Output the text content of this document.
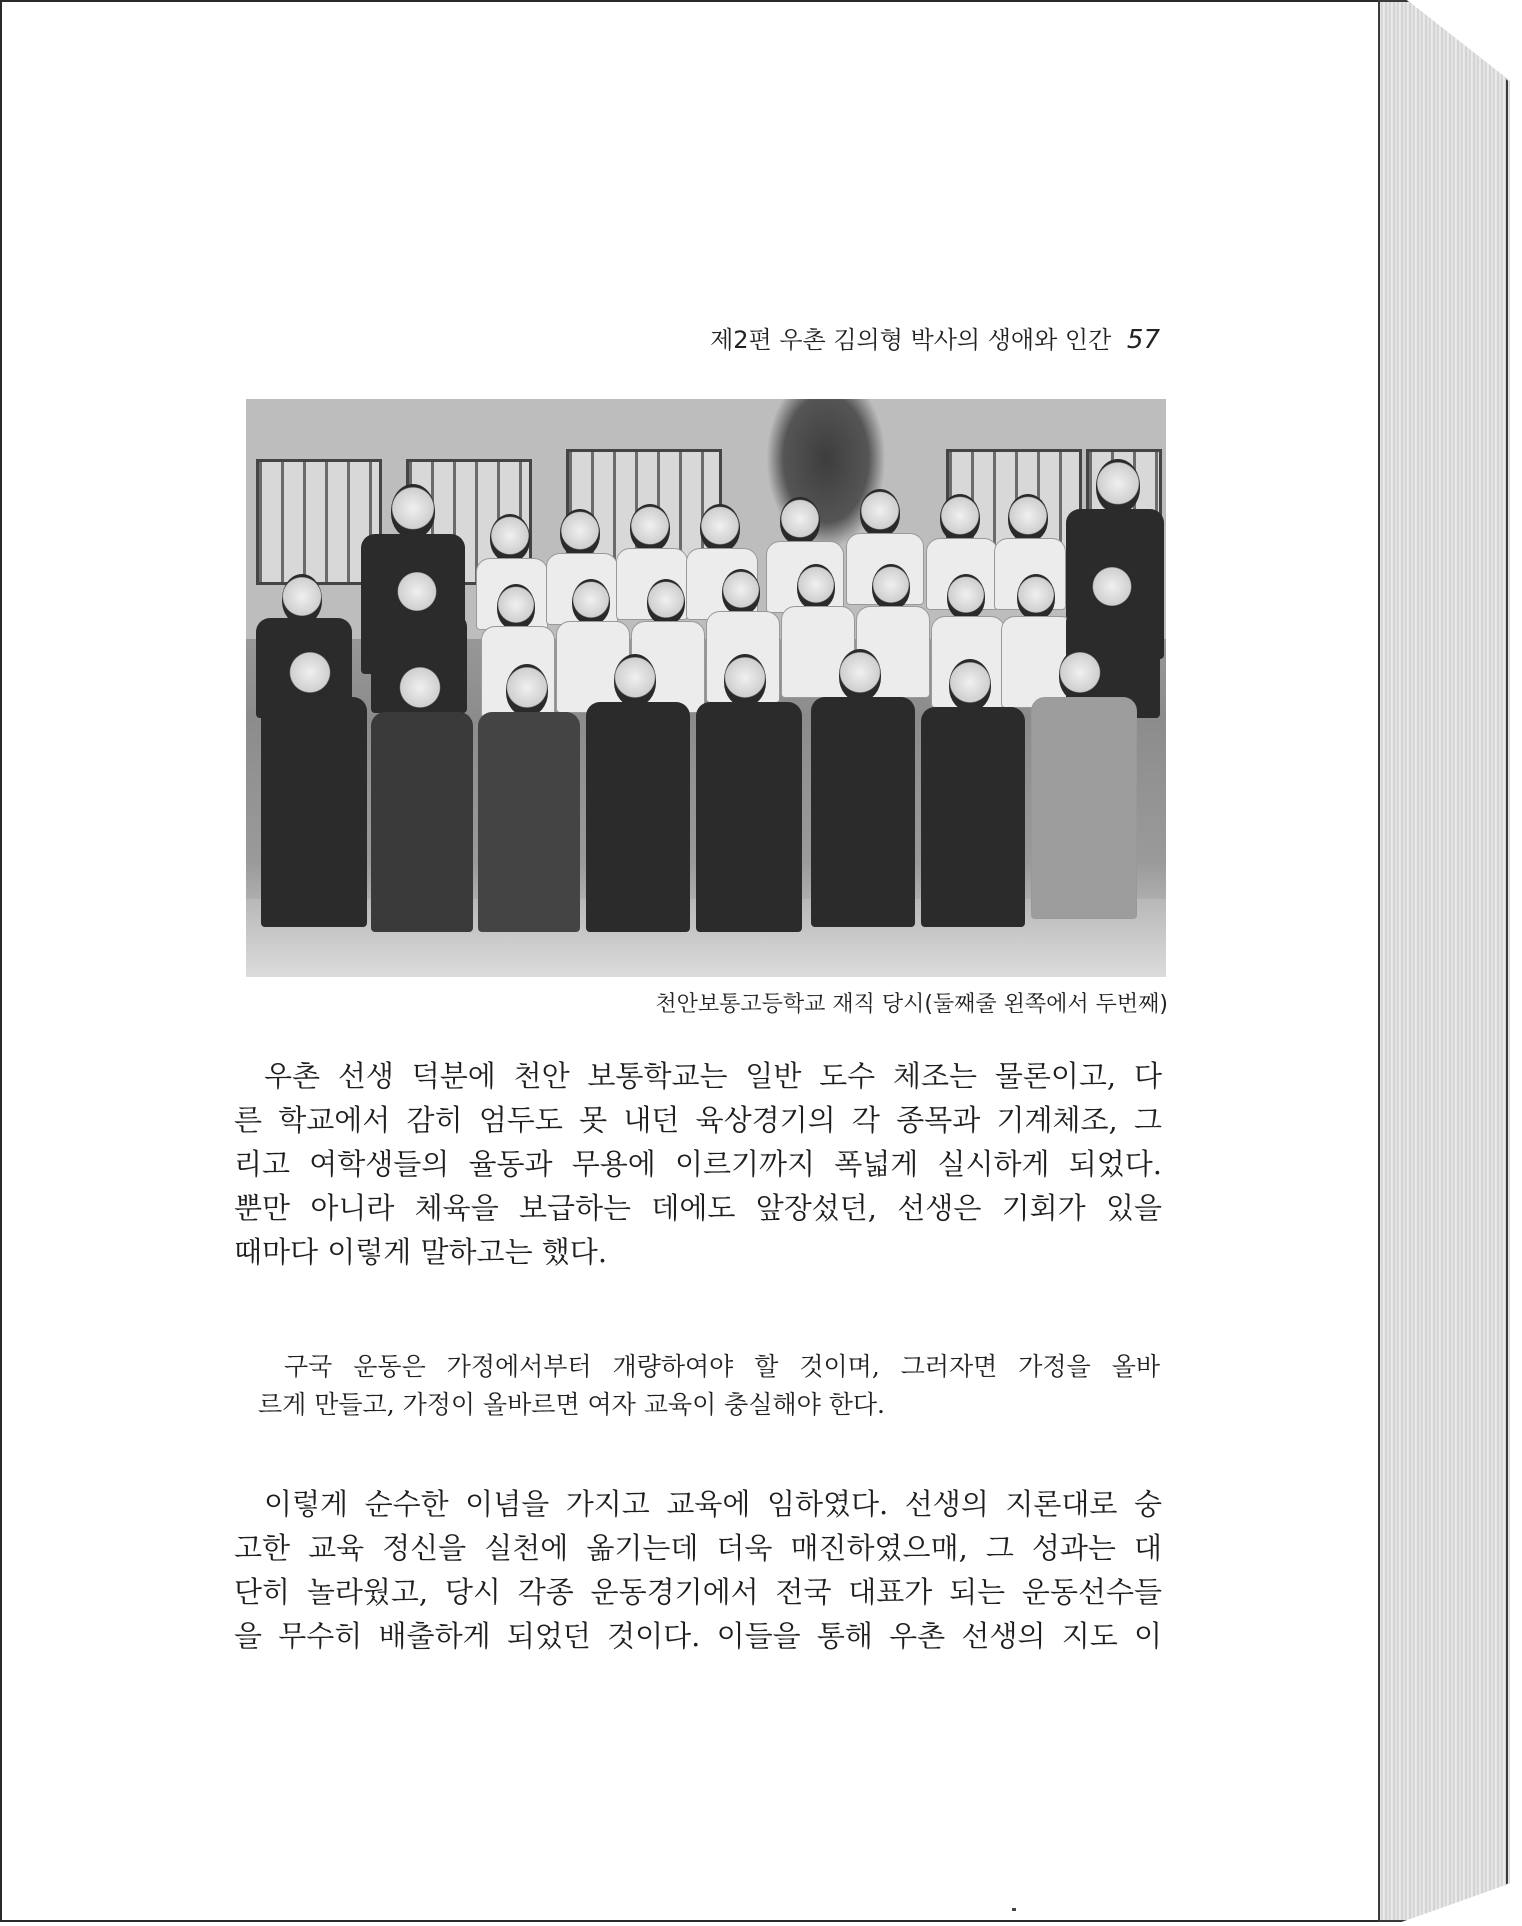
제2편 우촌 김의형 박사의 생애와 인간 57
천안보통고등학교 재직 당시(둘째줄 왼쪽에서 두번째)
우촌 선생 덕분에 천안 보통학교는 일반 도수 체조는 물론이고, 다
른 학교에서 감히 엄두도 못 내던 육상경기의 각 종목과 기계체조, 그
리고 여학생들의 율동과 무용에 이르기까지 폭넓게 실시하게 되었다.
뿐만 아니라 체육을 보급하는 데에도 앞장섰던, 선생은 기회가 있을
때마다 이렇게 말하고는 했다.
구국 운동은 가정에서부터 개량하여야 할 것이며, 그러자면 가정을 올바
르게 만들고, 가정이 올바르면 여자 교육이 충실해야 한다.
이렇게 순수한 이념을 가지고 교육에 임하였다. 선생의 지론대로 숭
고한 교육 정신을 실천에 옮기는데 더욱 매진하였으매, 그 성과는 대
단히 놀라웠고, 당시 각종 운동경기에서 전국 대표가 되는 운동선수들
을 무수히 배출하게 되었던 것이다. 이들을 통해 우촌 선생의 지도 이
